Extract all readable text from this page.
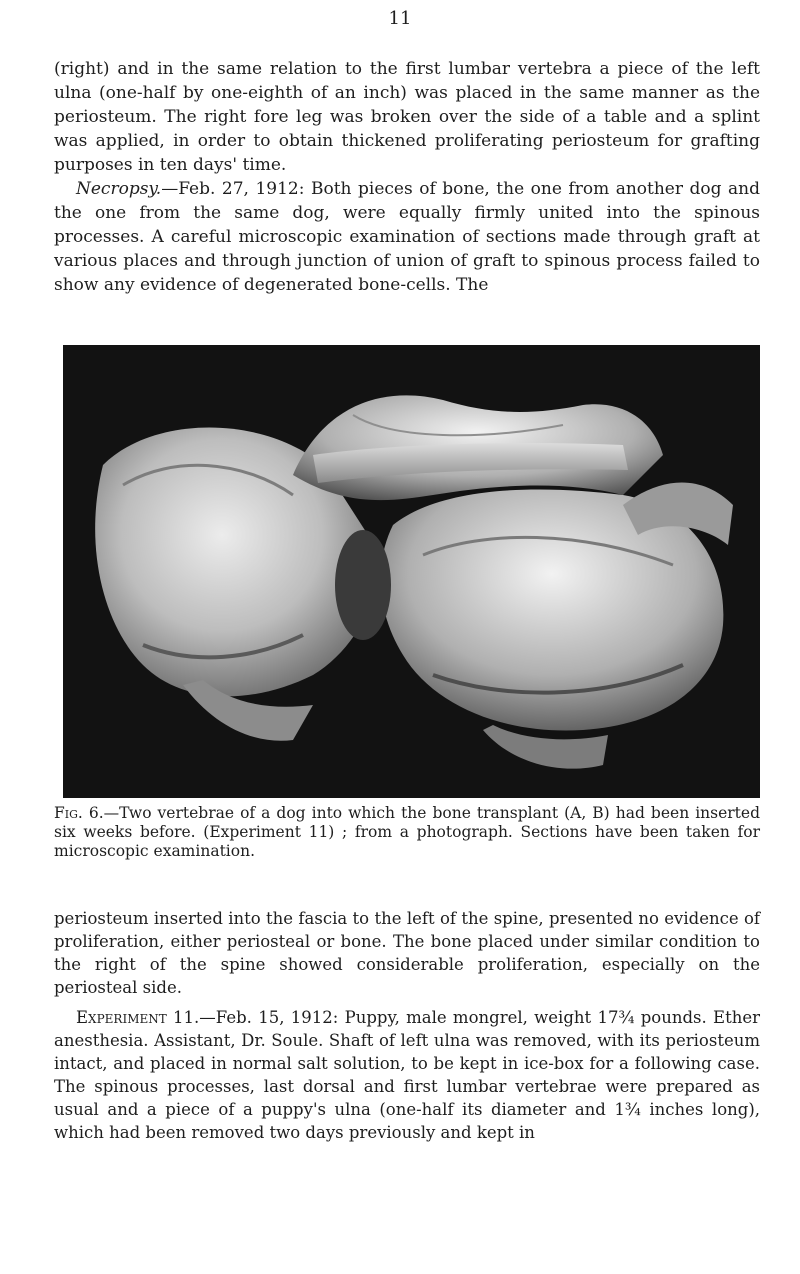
11

(right) and in the same relation to the first lumbar vertebra a piece of the left ulna (one-half by one-eighth of an inch) was placed in the same manner as the periosteum. The right fore leg was broken over the side of a table and a splint was applied, in order to obtain thickened proliferating periosteum for grafting purposes in ten days' time.

Necropsy.—Feb. 27, 1912: Both pieces of bone, the one from another dog and the one from the same dog, were equally firmly united into the spinous processes. A careful microscopic examination of sections made through graft at various places and through junction of union of graft to spinous process failed to show any evidence of degenerated bone-cells. The

Fig. 6.—Two vertebrae of a dog into which the bone transplant (A, B) had been inserted six weeks before. (Experiment 11) ; from a photograph. Sections have been taken for microscopic examination.

periosteum inserted into the fascia to the left of the spine, presented no evidence of proliferation, either periosteal or bone. The bone placed under similar condition to the right of the spine showed considerable proliferation, especially on the periosteal side.

Experiment 11.—Feb. 15, 1912: Puppy, male mongrel, weight 17¾ pounds. Ether anesthesia. Assistant, Dr. Soule. Shaft of left ulna was removed, with its periosteum intact, and placed in normal salt solution, to be kept in ice-box for a following case. The spinous processes, last dorsal and first lumbar vertebrae were prepared as usual and a piece of a puppy's ulna (one-half its diameter and 1¾ inches long), which had been removed two days previously and kept in
